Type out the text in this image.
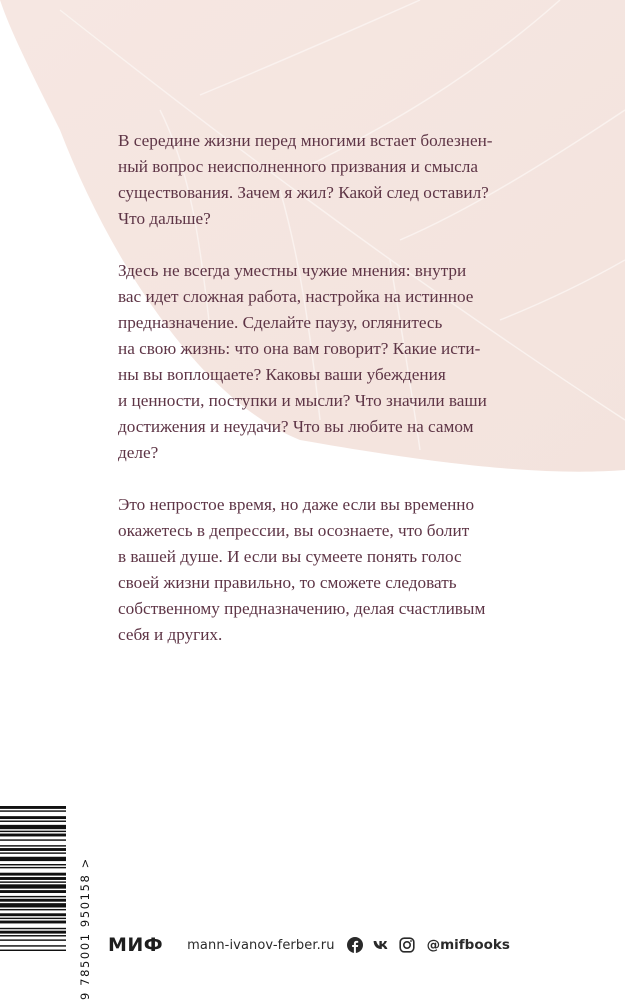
В середине жизни перед многими встает болезнен-
ный вопрос неисполненного призвания и смысла
существования. Зачем я жил? Какой след оставил?
Что дальше?

Здесь не всегда уместны чужие мнения: внутри
вас идет сложная работа, настройка на истинное
предназначение. Сделайте паузу, оглянитесь
на свою жизнь: что она вам говорит? Какие исти-
ны вы воплощаете? Каковы ваши убеждения
и ценности, поступки и мысли? Что значили ваши
достижения и неудачи? Что вы любите на самом
деле?

Это непростое время, но даже если вы временно
окажетесь в депрессии, вы осознаете, что болит
в вашей душе. И если вы сумеете понять голос
своей жизни правильно, то сможете следовать
собственному предназначению, делая счастливым
себя и других.

9 785001 950158 > МИФ mann-ivanov-ferber.ru	@mifbooks
